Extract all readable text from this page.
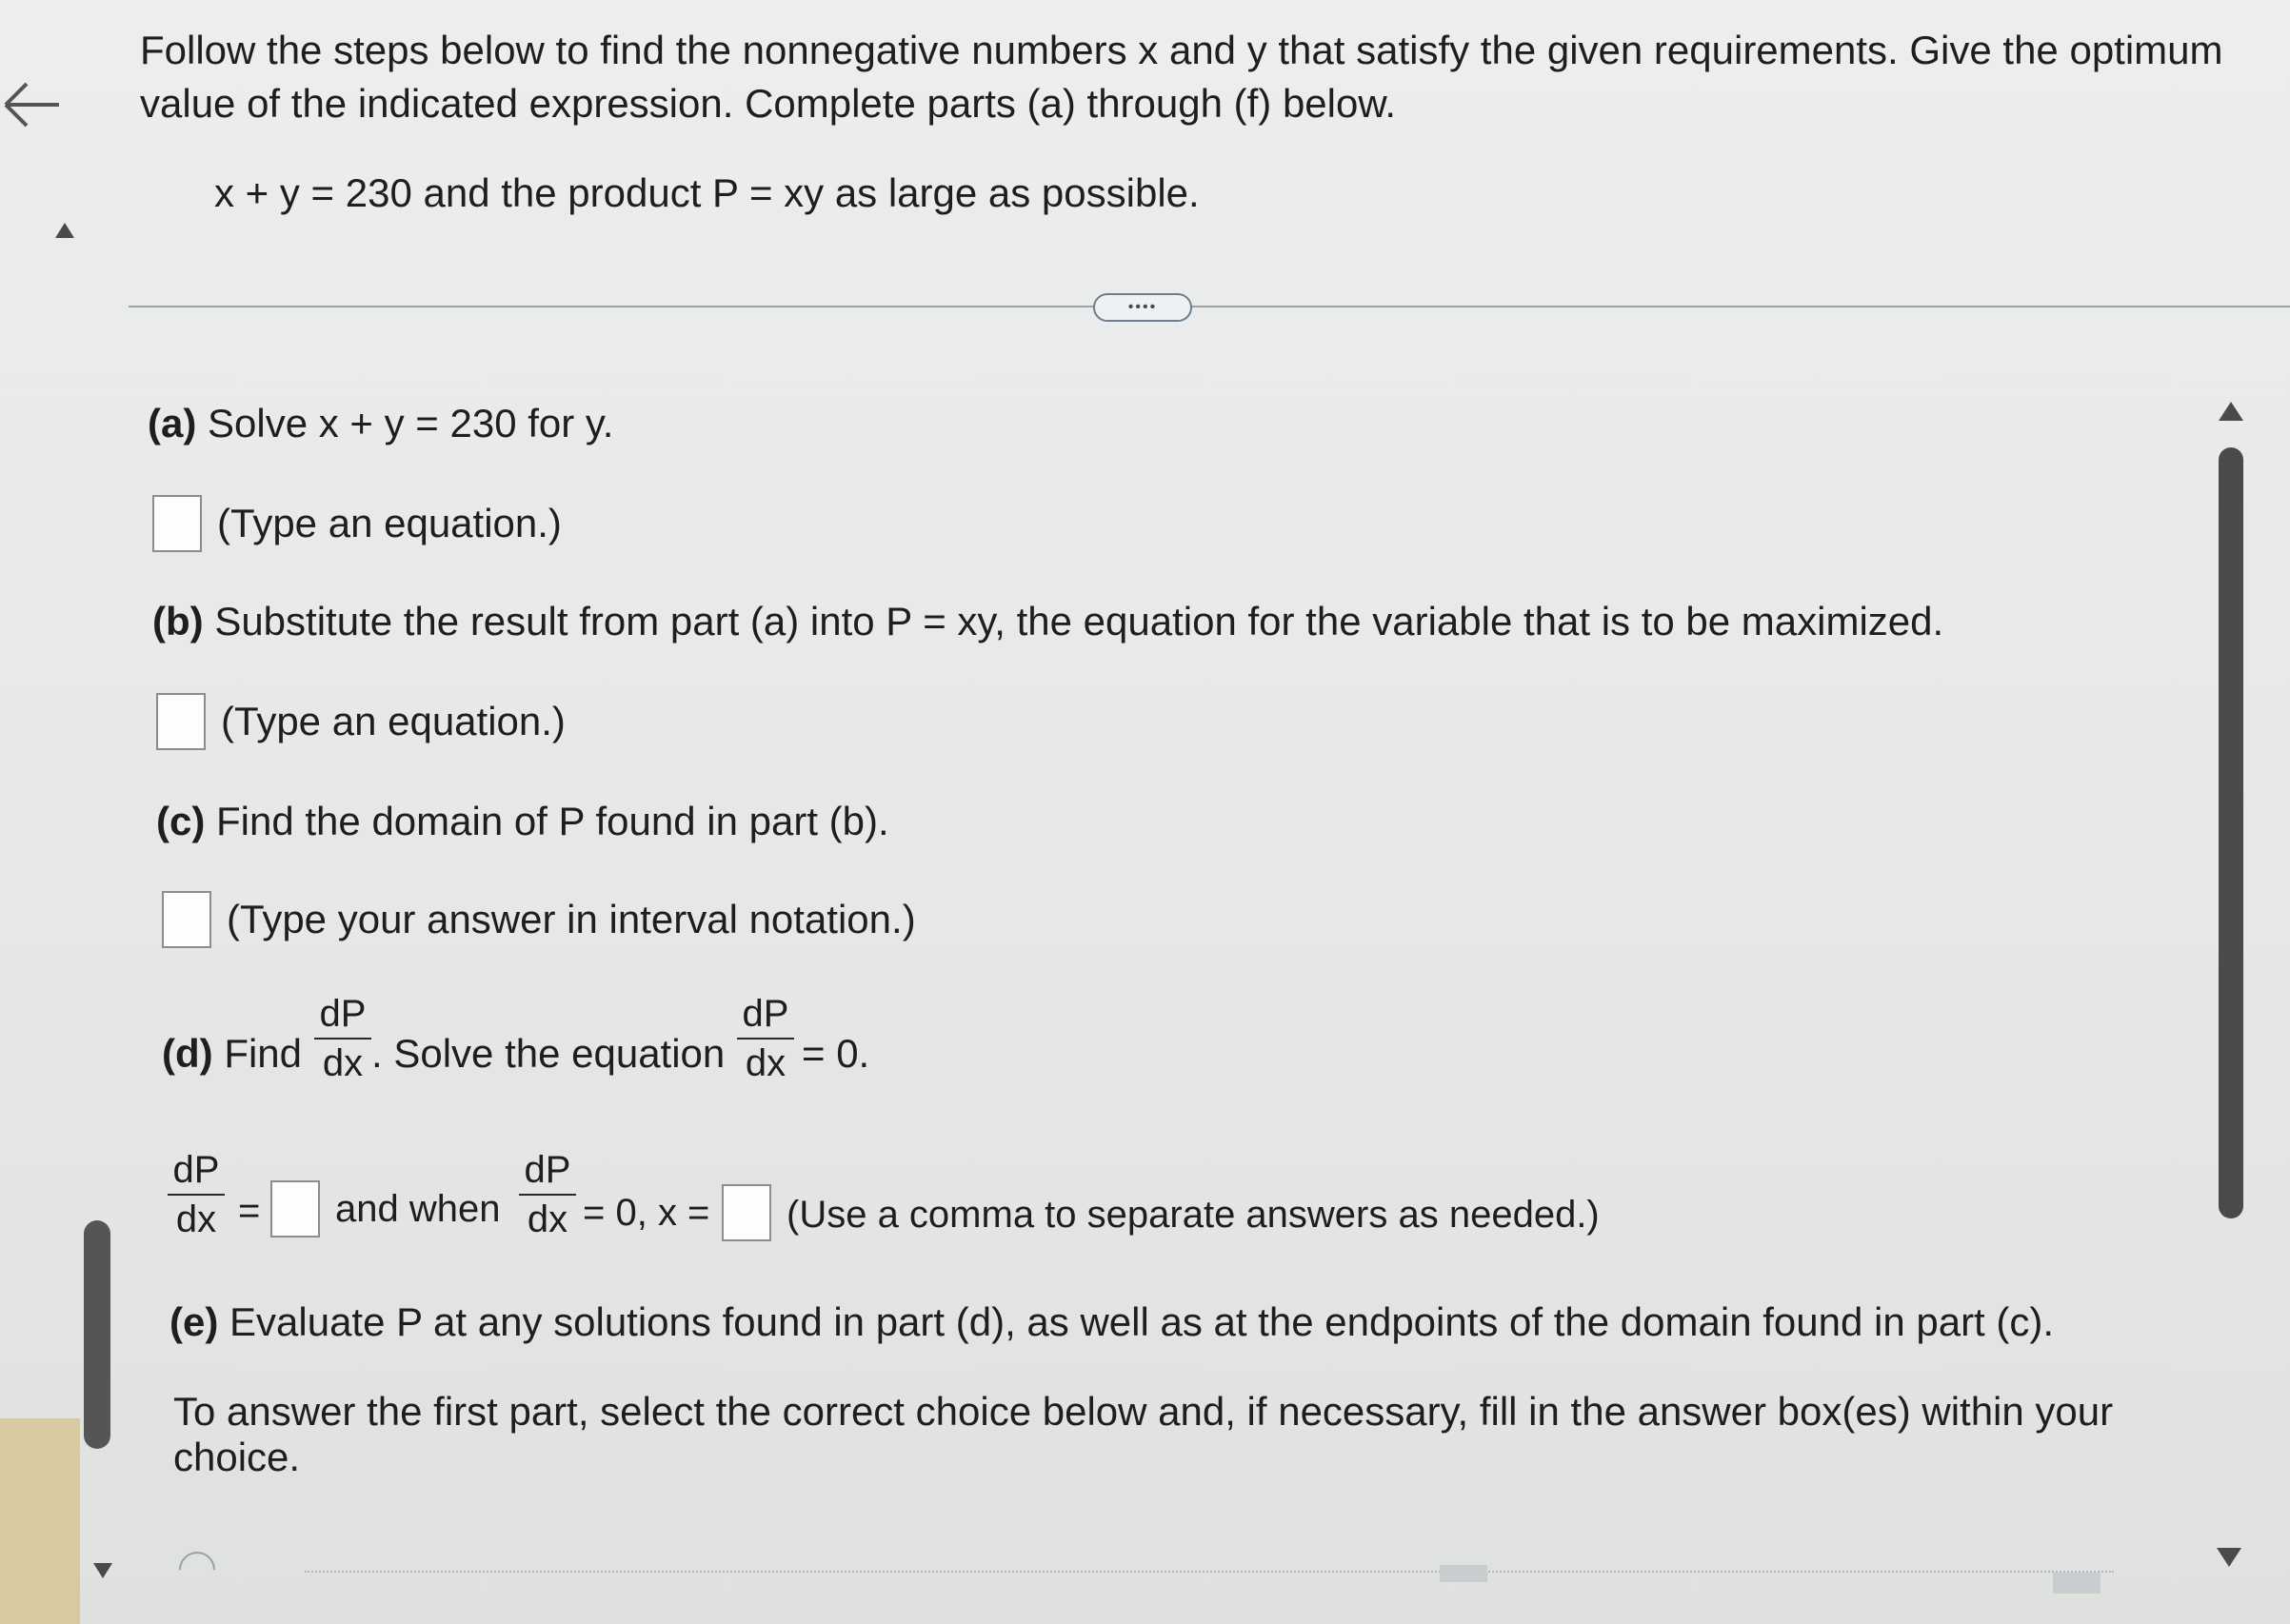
Follow the steps below to find the nonnegative numbers x and y that satisfy the given requirements. Give the optimum
value of the indicated expression. Complete parts (a) through (f) below.
x + y = 230 and the product P = xy as large as possible.
••••
(a) Solve x + y = 230 for y.
(Type an equation.)
(b) Substitute the result from part (a) into P = xy, the equation for the variable that is to be maximized.
(Type an equation.)
(c) Find the domain of P found in part (b).
(Type your answer in interval notation.)
(d) Find
dP
dx . Solve the equation
dP
dx = 0.
dP
dx = and when
dP
dx = 0, x = (Use a comma to separate answers as needed.)
(e) Evaluate P at any solutions found in part (d), as well as at the endpoints of the domain found in part (c).
To answer the first part, select the correct choice below and, if necessary, fill in the answer box(es) within your
choice.
